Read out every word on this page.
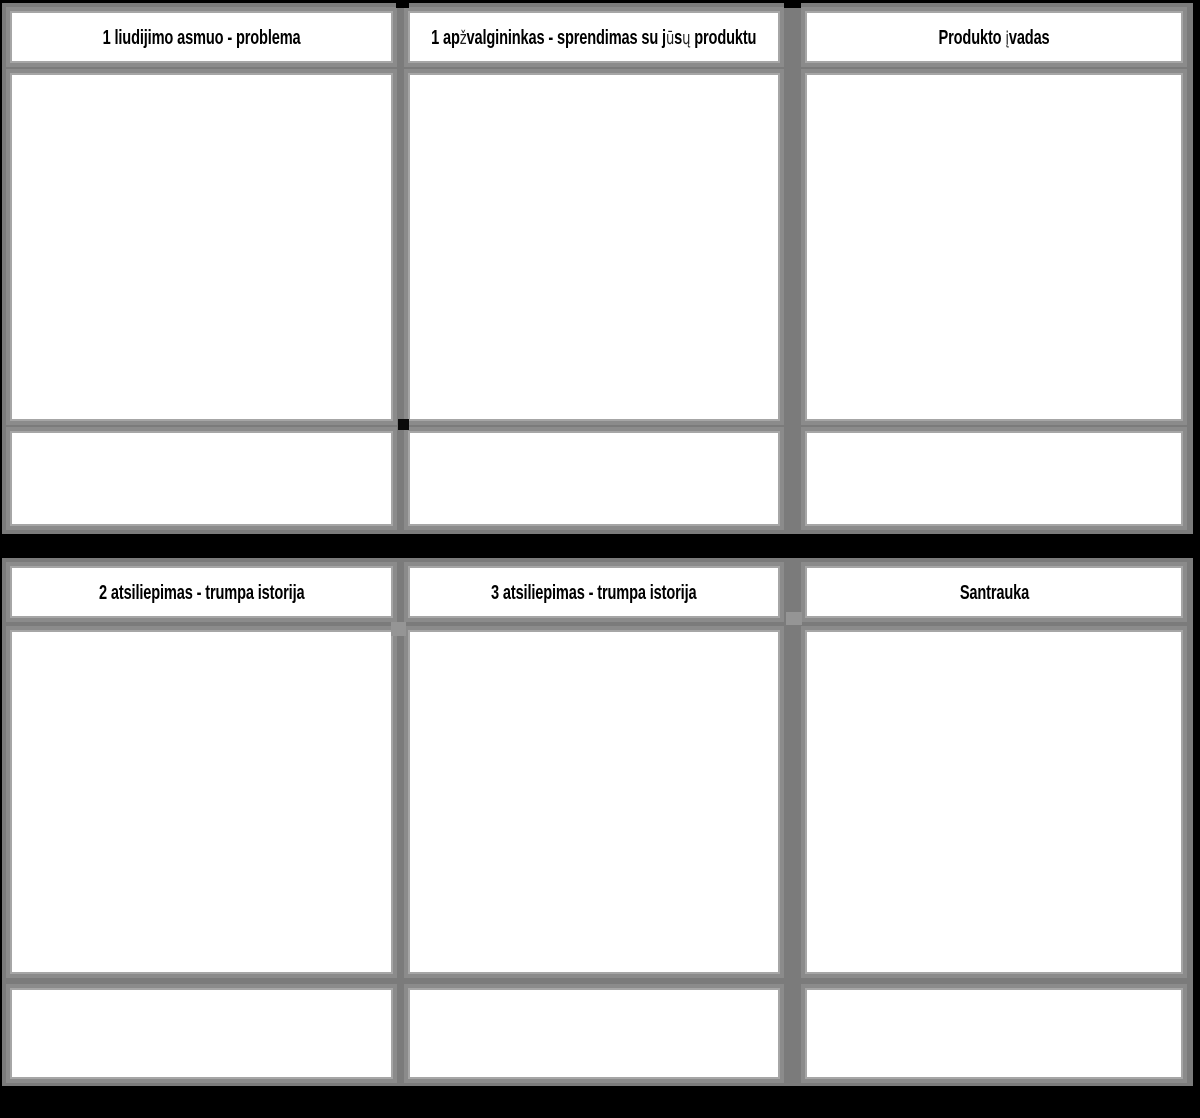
1 liudijimo asmuo - problema	1 apžvalgininkas - sprendimas su jūsų produktu	Produkto įvadas
2 atsiliepimas - trumpa istorija	3 atsiliepimas - trumpa istorija	Santrauka
